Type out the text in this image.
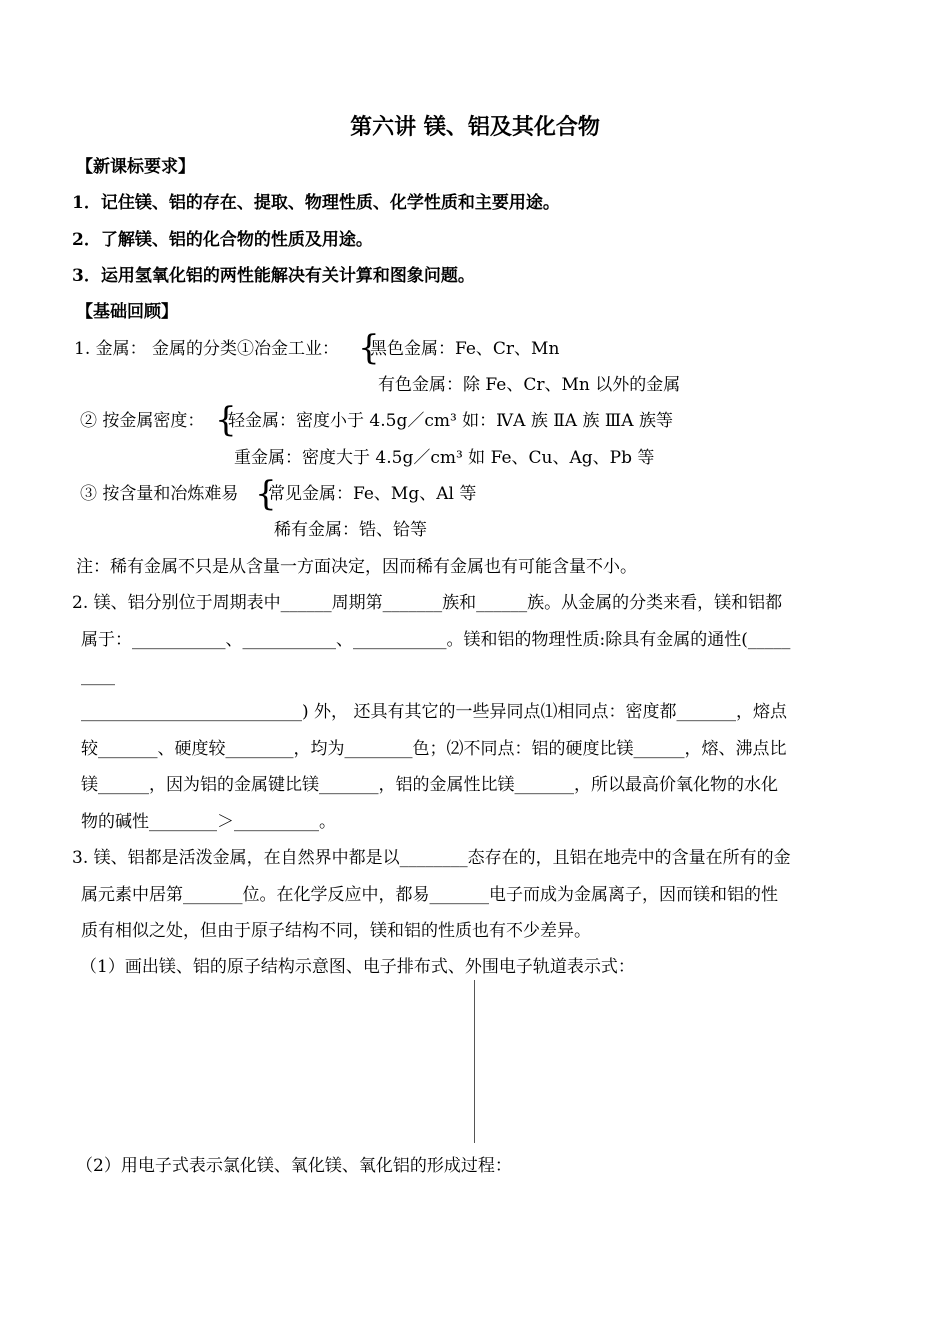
第六讲 镁、铝及其化合物
【新课标要求】
1．记住镁、铝的存在、提取、物理性质、化学性质和主要用途。
2．了解镁、铝的化合物的性质及用途。
3．运用氢氧化铝的两性能解决有关计算和图象问题。
【基础回顾】
1. 金属： 金属的分类①冶金工业： {
黑色金属：Fe、Cr、Mn
有色金属：除 Fe、Cr、Mn 以外的金属
② 按金属密度： {
轻金属：密度小于 4.5g／cm³ 如：ⅣA 族 ⅡA 族 ⅢA 族等
重金属：密度大于 4.5g／cm³ 如 Fe、Cu、Ag、Pb 等
③ 按含量和冶炼难易 {
常见金属：Fe、Mg、Al 等
稀有金属：锆、铪等
注：稀有金属不只是从含量一方面决定，因而稀有金属也有可能含量不小。
2. 镁、铝分别位于周期表中______周期第_______族和______族。从金属的分类来看，镁和铝都
属于：___________、___________、___________。镁和铝的物理性质:除具有金属的通性(_____
____
__________________________) 外， 还具有其它的一些异同点⑴相同点：密度都_______，熔点
较_______、硬度较________，均为________色；⑵不同点：铝的硬度比镁______，熔、沸点比
镁______，因为铝的金属键比镁_______，铝的金属性比镁_______，所以最高价氧化物的水化
物的碱性________＞__________。
3. 镁、铝都是活泼金属，在自然界中都是以________态存在的，且铝在地壳中的含量在所有的金
属元素中居第_______位。在化学反应中，都易_______电子而成为金属离子，因而镁和铝的性
质有相似之处，但由于原子结构不同，镁和铝的性质也有不少差异。
（1）画出镁、铝的原子结构示意图、电子排布式、外围电子轨道表示式：
（2）用电子式表示氯化镁、氧化镁、氧化铝的形成过程：
